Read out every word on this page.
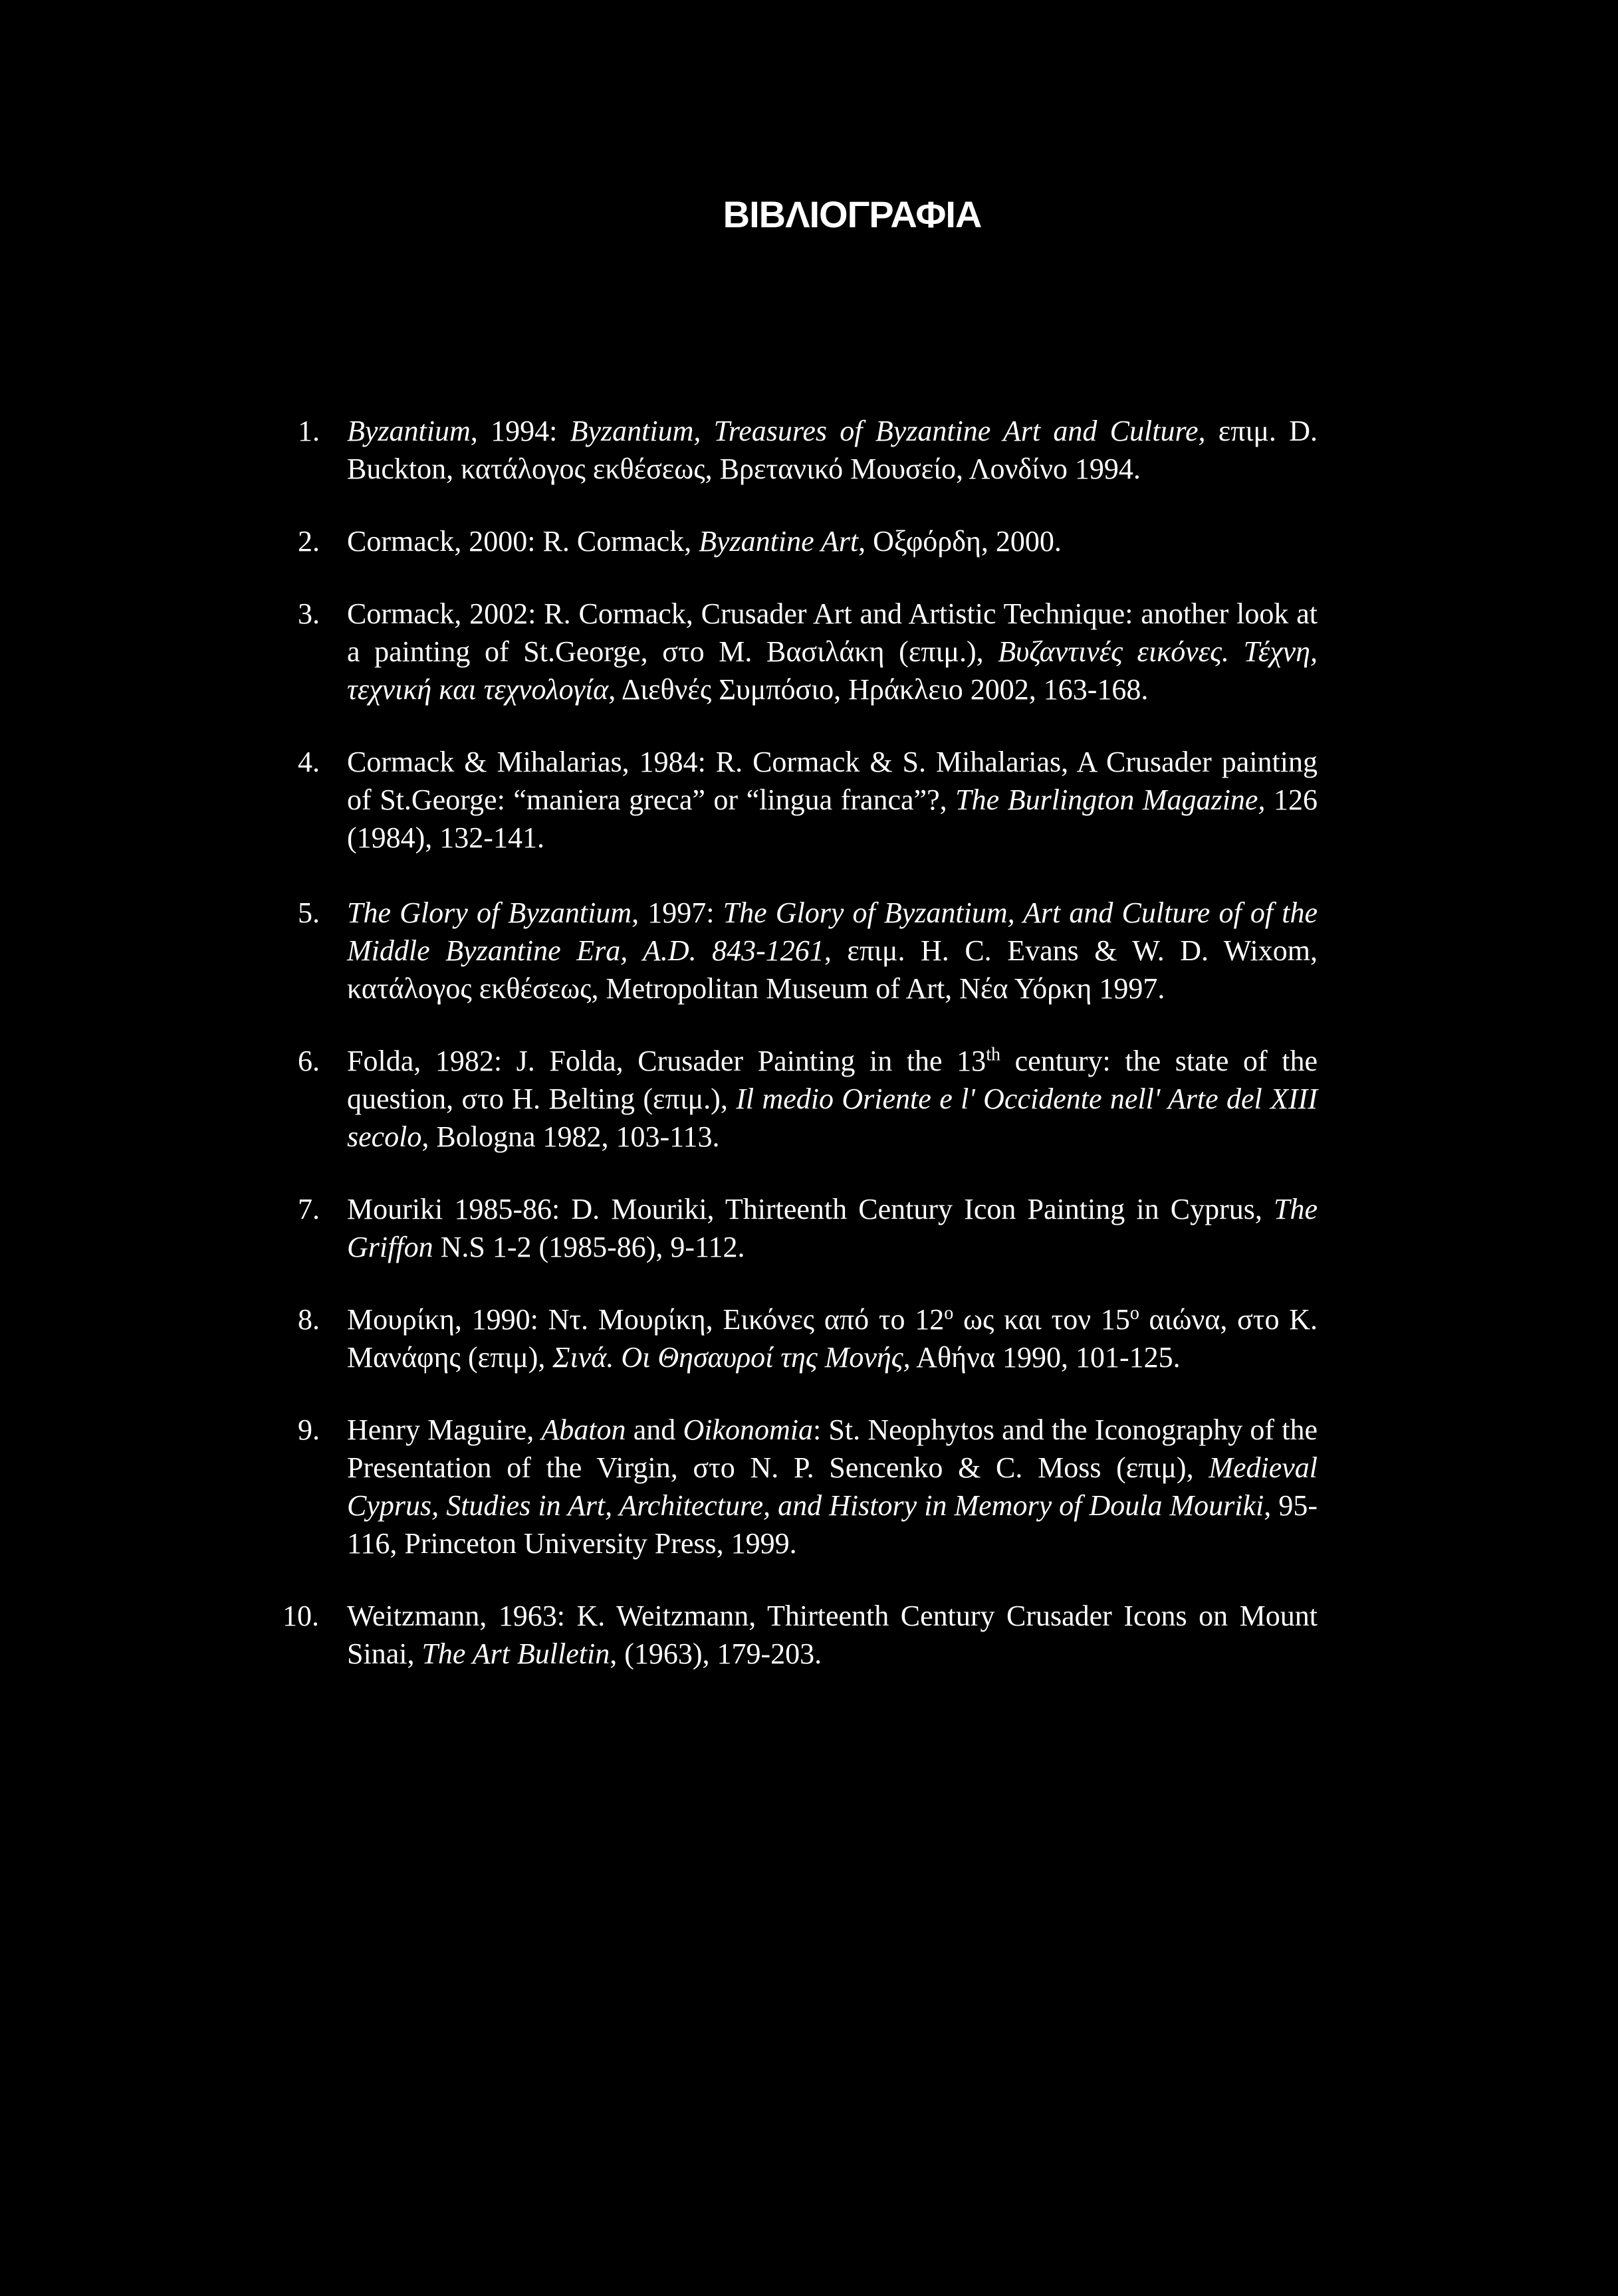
ΒΙΒΛΙΟΓΡΑΦΙΑ
1. Byzantium, 1994: Byzantium, Treasures of Byzantine Art and Culture, επιμ. D. Buckton, κατάλογος εκθέσεως, Βρετανικό Μουσείο, Λονδίνο 1994.
2. Cormack, 2000: R. Cormack, Byzantine Art, Οξφόρδη, 2000.
3. Cormack, 2002: R. Cormack, Crusader Art and Artistic Technique: another look at a painting of St.George, στο Μ. Βασιλάκη (επιμ.), Βυζαντινές εικόνες. Τέχνη, τεχνική και τεχνολογία, Διεθνές Συμπόσιο, Ηράκλειο 2002, 163-168.
4. Cormack & Mihalarias, 1984: R. Cormack & S. Mihalarias, A Crusader painting of St.George: “maniera greca” or “lingua franca”?, The Burlington Magazine, 126 (1984), 132-141.
5. The Glory of Byzantium, 1997: The Glory of Byzantium, Art and Culture of of the Middle Byzantine Era, A.D. 843-1261, επιμ. H. C. Evans & W. D. Wixom, κατάλογος εκθέσεως, Metropolitan Museum of Art, Νέα Υόρκη 1997.
6. Folda, 1982: J. Folda, Crusader Painting in the 13th century: the state of the question, στο H. Belting (επιμ.), Il medio Oriente e l' Occidente nell' Arte del XIII secolo, Bologna 1982, 103-113.
7. Mouriki 1985-86: D. Mouriki, Thirteenth Century Icon Painting in Cyprus, The Griffon N.S 1-2 (1985-86), 9-112.
8. Μουρίκη, 1990: Ντ. Μουρίκη, Εικόνες από το $12^o$ ως και τον $15^o$ αιώνα, στο Κ. Μανάφης (επιμ), Σινά. Οι Θησαυροί της Μονής, Αθήνα 1990, 101-125.
9. Henry Maguire, Abaton and Oikonomia: St. Neophytos and the Iconography of the Presentation of the Virgin, στο N. P. Sencenko & C. Moss (επιμ), Medieval Cyprus, Studies in Art, Architecture, and History in Memory of Doula Mouriki, 95-116, Princeton University Press, 1999.
10. Weitzmann, 1963: K. Weitzmann, Thirteenth Century Crusader Icons on Mount Sinai, The Art Bulletin, (1963), 179-203.
